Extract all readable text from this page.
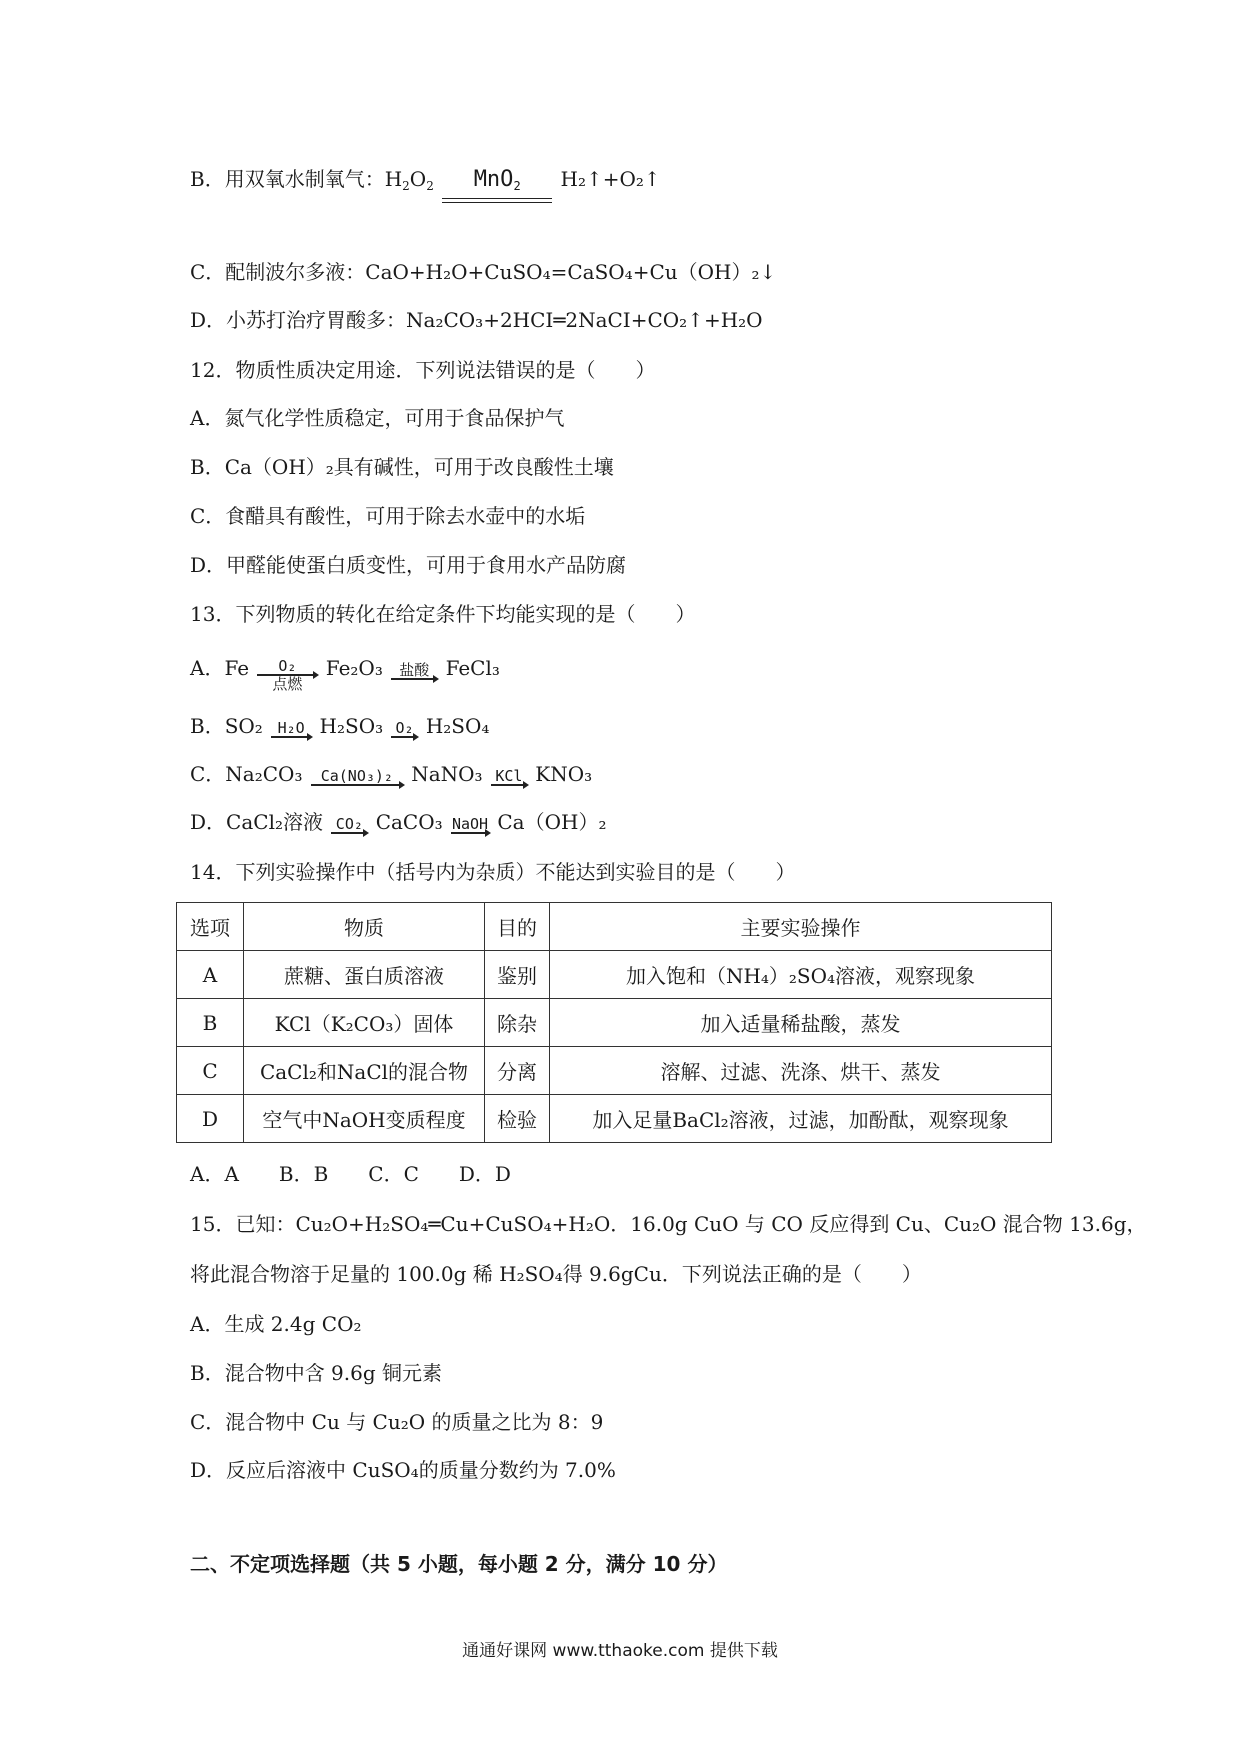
B．用双氧水制氧气：$H_2O_2$	MnO$_2$	H₂↑+O₂↑
C．配制波尔多液：CaO+H₂O+CuSO₄=CaSO₄+Cu（OH）₂↓
D．小苏打治疗胃酸多：Na₂CO₃+2HCI═2NaCI+CO₂↑+H₂O
12．物质性质决定用途．下列说法错误的是（　　）
A．氮气化学性质稳定，可用于食品保护气
B．Ca（OH）₂具有碱性，可用于改良酸性土壤
C．食醋具有酸性，可用于除去水壶中的水垢
D．甲醛能使蛋白质变性，可用于食用水产品防腐
13．下列物质的转化在给定条件下均能实现的是（　　）
A．Fe	O₂
点燃
Fe₂O₃	盐酸 FeCl₃
B．SO₂ H₂O H₂SO₃ O₂ H₂SO₄
C．Na₂CO₃	Ca(NO₃)₂ NaNO₃ KCl KNO₃
D．CaCl₂溶液 CO₂ CaCO₃ NaOH Ca（OH）₂
14．下列实验操作中（括号内为杂质）不能达到实验目的是（　　）
选项	物质	目的	主要实验操作
A	蔗糖、蛋白质溶液	鉴别	加入饱和（NH₄）₂SO₄溶液，观察现象
B	KCl（K₂CO₃）固体	除杂	加入适量稀盐酸，蒸发
C	CaCl₂和NaCl的混合物	分离	溶解、过滤、洗涤、烘干、蒸发
D	空气中NaOH变质程度	检验	加入足量BaCl₂溶液，过滤，加酚酞，观察现象
A．A　　B．B　　C．C　　D．D
15．已知：Cu₂O+H₂SO₄═Cu+CuSO₄+H₂O．16.0g CuO 与 CO 反应得到 Cu、Cu₂O 混合物 13.6g，
将此混合物溶于足量的 100.0g 稀 H₂SO₄得 9.6gCu．下列说法正确的是（　　）
A．生成 2.4g CO₂
B．混合物中含 9.6g 铜元素
C．混合物中 Cu 与 Cu₂O 的质量之比为 8：9
D．反应后溶液中 CuSO₄的质量分数约为 7.0%
二、不定项选择题（共 5 小题，每小题 2 分，满分 10 分）
通通好课网 www.tthaoke.com 提供下载
